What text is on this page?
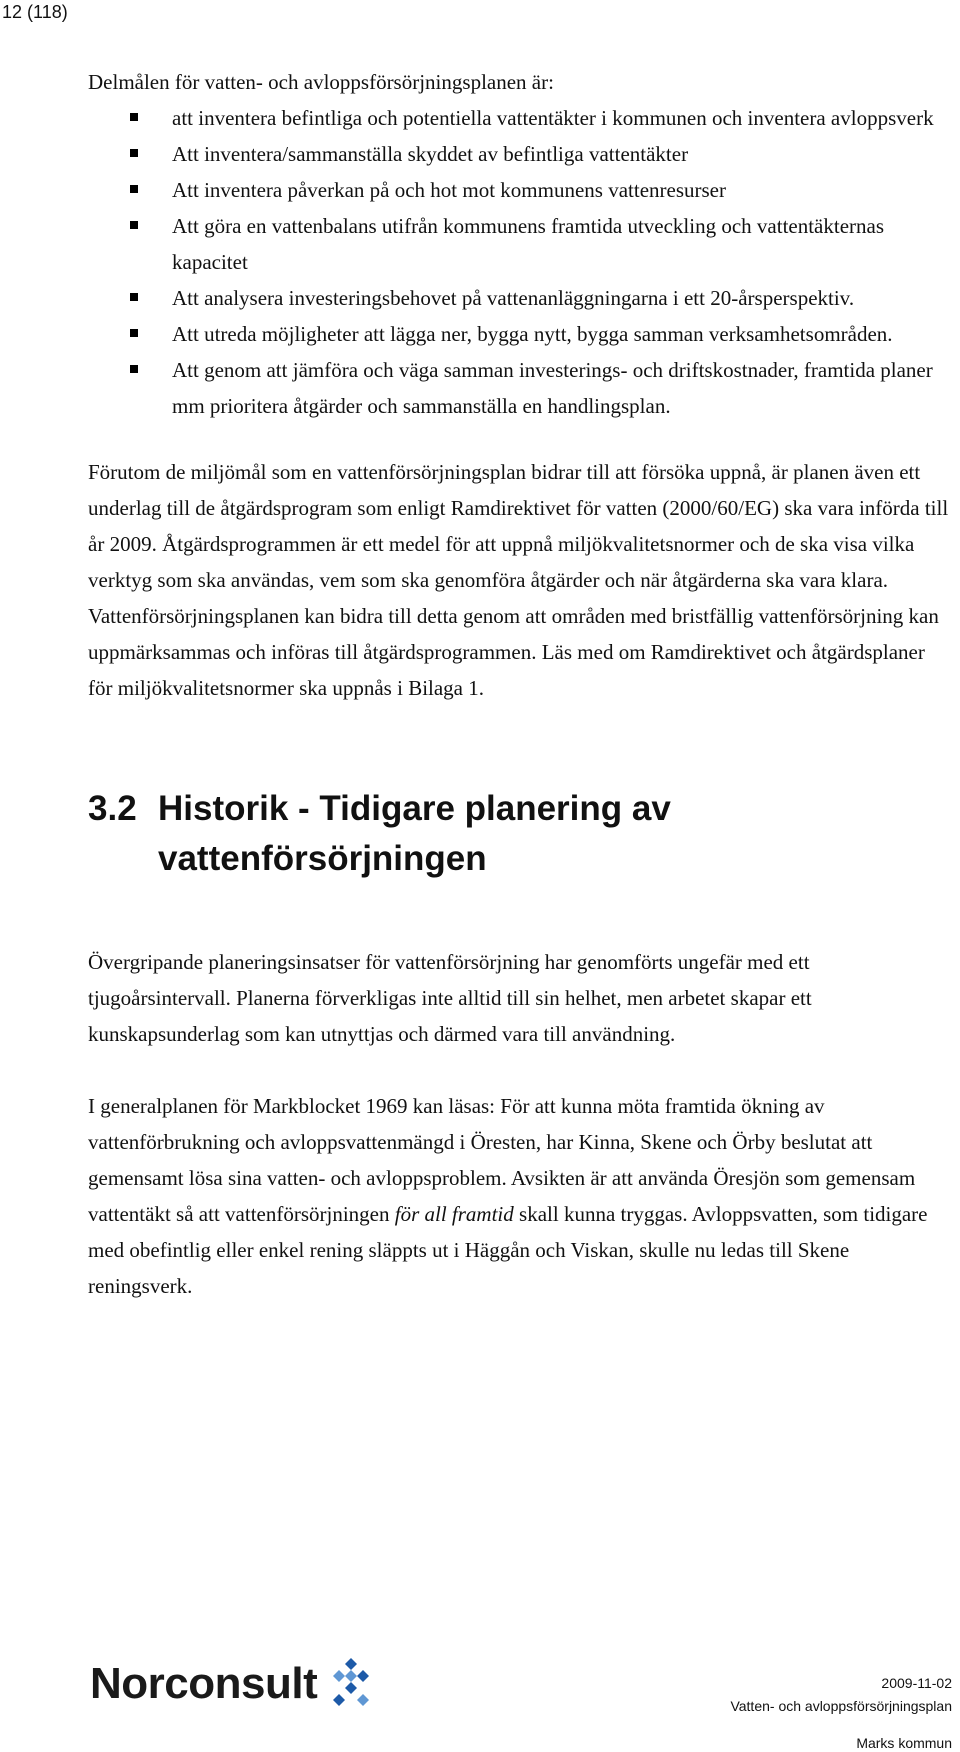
12 (118)

Delmålen för vatten- och avloppsförsörjningsplanen är:

att inventera befintliga och potentiella vattentäkter i kommunen och inventera avloppsverk
Att inventera/sammanställa skyddet av befintliga vattentäkter
Att inventera påverkan på och hot mot kommunens vattenresurser
Att göra en vattenbalans utifrån kommunens framtida utveckling och vattentäkternas kapacitet
Att analysera investeringsbehovet på vattenanläggningarna i ett 20-årsperspektiv.
Att utreda möjligheter att lägga ner, bygga nytt, bygga samman verksamhetsområden.
Att genom att jämföra och väga samman investerings- och driftskostnader, framtida planer mm prioritera åtgärder och sammanställa en handlingsplan.

Förutom de miljömål som en vattenförsörjningsplan bidrar till att försöka uppnå, är planen även ett underlag till de åtgärdsprogram som enligt Ramdirektivet för vatten (2000/60/EG) ska vara införda till år 2009. Åtgärdsprogrammen är ett medel för att uppnå miljökvalitetsnormer och de ska visa vilka verktyg som ska användas, vem som ska genomföra åtgärder och när åtgärderna ska vara klara. Vattenförsörjningsplanen kan bidra till detta genom att områden med bristfällig vattenförsörjning kan uppmärksammas och införas till åtgärdsprogrammen. Läs med om Ramdirektivet och åtgärdsplaner för miljökvalitetsnormer ska uppnås i Bilaga 1.

3.2 Historik - Tidigare planering av vattenförsörjningen

Övergripande planeringsinsatser för vattenförsörjning har genomförts ungefär med ett tjugoårsintervall. Planerna förverkligas inte alltid till sin helhet, men arbetet skapar ett kunskapsunderlag som kan utnyttjas och därmed vara till användning.

I generalplanen för Markblocket 1969 kan läsas: För att kunna möta framtida ökning av vattenförbrukning och avloppsvattenmängd i Öresten, har Kinna, Skene och Örby beslutat att gemensamt lösa sina vatten- och avloppsproblem. Avsikten är att använda Öresjön som gemensam vattentäkt så att vattenförsörjningen för all framtid skall kunna tryggas. Avloppsvatten, som tidigare med obefintlig eller enkel rening släppts ut i Häggån och Viskan, skulle nu ledas till Skene reningsverk.

Norconsult	2009-11-02
Vatten- och avloppsförsörjningsplan
Marks kommun
